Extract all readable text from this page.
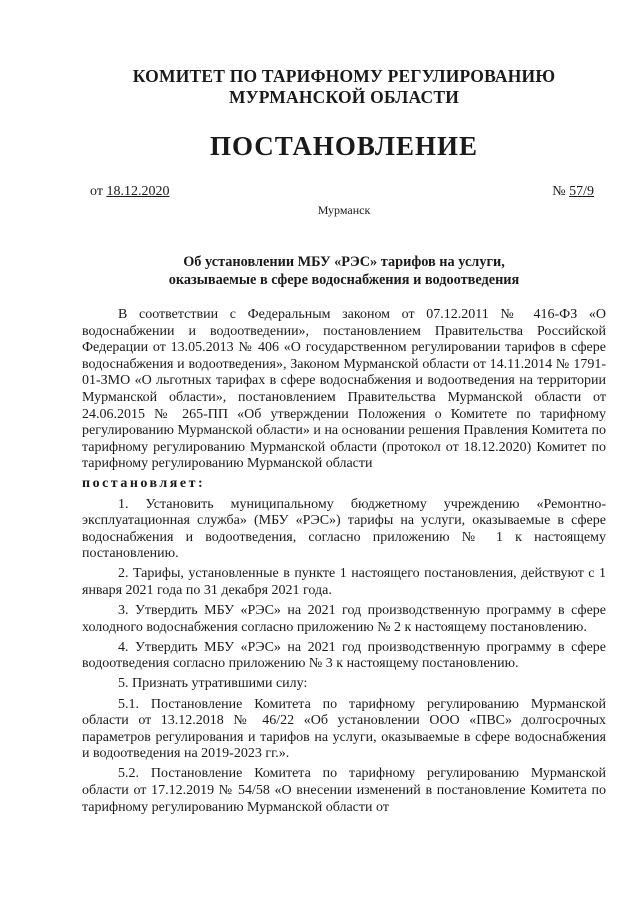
КОМИТЕТ ПО ТАРИФНОМУ РЕГУЛИРОВАНИЮ
МУРМАНСКОЙ ОБЛАСТИ
ПОСТАНОВЛЕНИЕ
от 18.12.2020	№ 57/9
Мурманск
Об установлении МБУ «РЭС» тарифов на услуги,
оказываемые в сфере водоснабжения и водоотведения

В соответствии с Федеральным законом от 07.12.2011 № 416-ФЗ «О водоснабжении и водоотведении», постановлением Правительства Российской Федерации от 13.05.2013 № 406 «О государственном регулировании тарифов в сфере водоснабжения и водоотведения», Законом Мурманской области от 14.11.2014 № 1791-01-ЗМО «О льготных тарифах в сфере водоснабжения и водоотведения на территории Мурманской области», постановлением Правительства Мурманской области от 24.06.2015 № 265-ПП «Об утверждении Положения о Комитете по тарифному регулированию Мурманской области» и на основании решения Правления Комитета по тарифному регулированию Мурманской области (протокол от 18.12.2020) Комитет по тарифному регулированию Мурманской области

постановляет:

1. Установить муниципальному бюджетному учреждению «Ремонтно-эксплуатационная служба» (МБУ «РЭС») тарифы на услуги, оказываемые в сфере водоснабжения и водоотведения, согласно приложению № 1 к настоящему постановлению.

2. Тарифы, установленные в пункте 1 настоящего постановления, действуют с 1 января 2021 года по 31 декабря 2021 года.

3. Утвердить МБУ «РЭС» на 2021 год производственную программу в сфере холодного водоснабжения согласно приложению № 2 к настоящему постановлению.

4. Утвердить МБУ «РЭС» на 2021 год производственную программу в сфере водоотведения согласно приложению № 3 к настоящему постановлению.

5. Признать утратившими силу:

5.1. Постановление Комитета по тарифному регулированию Мурманской области от 13.12.2018 № 46/22 «Об установлении ООО «ПВС» долгосрочных параметров регулирования и тарифов на услуги, оказываемые в сфере водоснабжения и водоотведения на 2019-2023 гг.».

5.2. Постановление Комитета по тарифному регулированию Мурманской области от 17.12.2019 № 54/58 «О внесении изменений в постановление Комитета по тарифному регулированию Мурманской области от
